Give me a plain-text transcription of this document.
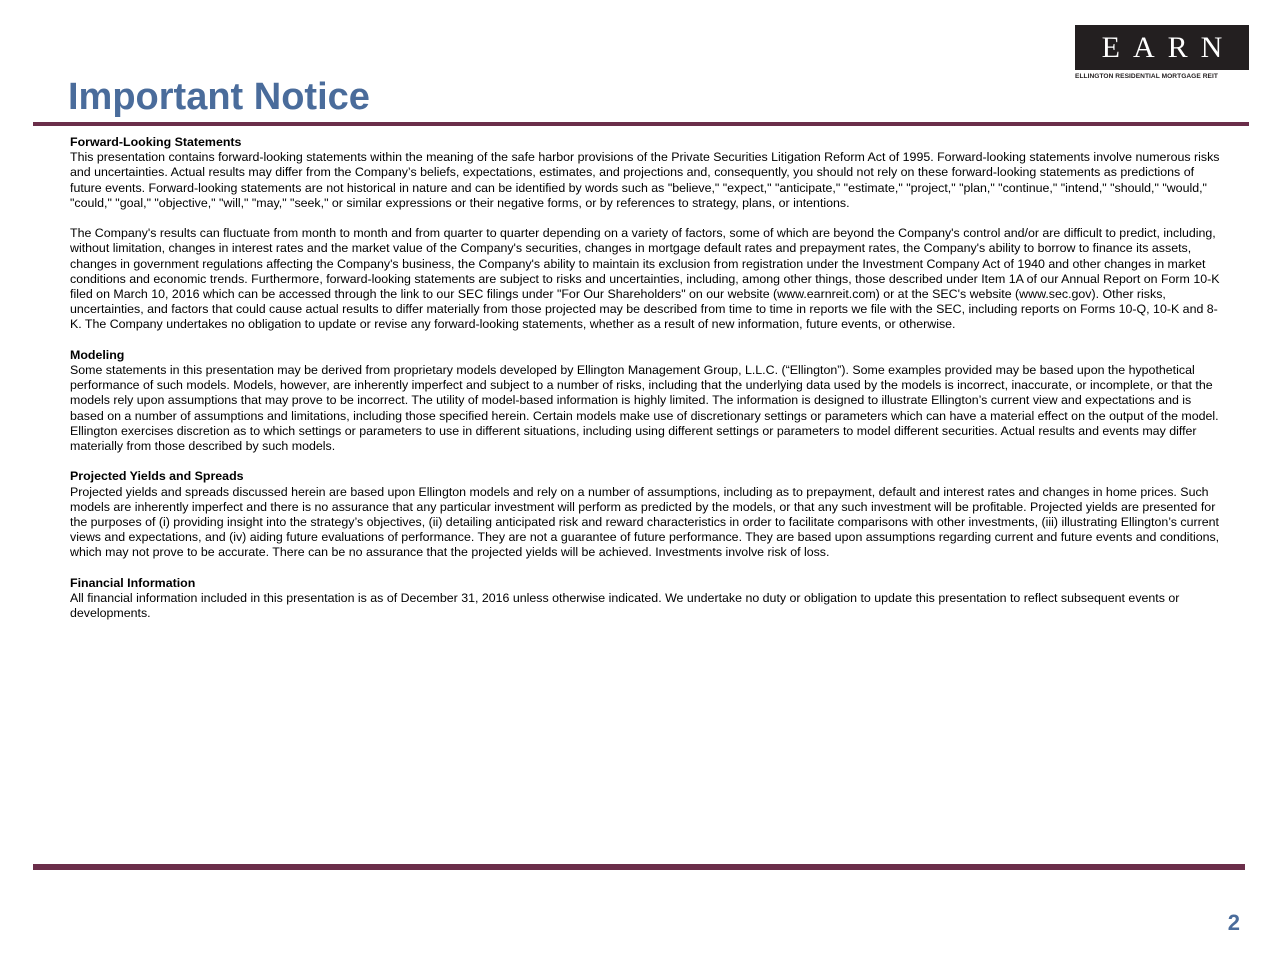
EARN
ELLINGTON RESIDENTIAL MORTGAGE REIT
Important Notice

Forward-Looking Statements

This presentation contains forward-looking statements within the meaning of the safe harbor provisions of the Private Securities Litigation Reform Act of 1995. Forward-looking statements involve numerous risks and uncertainties. Actual results may differ from the Company’s beliefs, expectations, estimates, and projections and, consequently, you should not rely on these forward-looking statements as predictions of future events. Forward-looking statements are not historical in nature and can be identified by words such as "believe," "expect," "anticipate," "estimate," "project," "plan," "continue," "intend," "should," "would," "could," "goal," "objective," "will," "may," "seek," or similar expressions or their negative forms, or by references to strategy, plans, or intentions.

The Company's results can fluctuate from month to month and from quarter to quarter depending on a variety of factors, some of which are beyond the Company's control and/or are difficult to predict, including, without limitation, changes in interest rates and the market value of the Company's securities, changes in mortgage default rates and prepayment rates, the Company's ability to borrow to finance its assets, changes in government regulations affecting the Company's business, the Company's ability to maintain its exclusion from registration under the Investment Company Act of 1940 and other changes in market conditions and economic trends. Furthermore, forward-looking statements are subject to risks and uncertainties, including, among other things, those described under Item 1A of our Annual Report on Form 10-K filed on March 10, 2016 which can be accessed through the link to our SEC filings under "For Our Shareholders" on our website (www.earnreit.com) or at the SEC's website (www.sec.gov). Other risks, uncertainties, and factors that could cause actual results to differ materially from those projected may be described from time to time in reports we file with the SEC, including reports on Forms 10-Q, 10-K and 8-K. The Company undertakes no obligation to update or revise any forward-looking statements, whether as a result of new information, future events, or otherwise.

Modeling

Some statements in this presentation may be derived from proprietary models developed by Ellington Management Group, L.L.C. (“Ellington”). Some examples provided may be based upon the hypothetical performance of such models. Models, however, are inherently imperfect and subject to a number of risks, including that the underlying data used by the models is incorrect, inaccurate, or incomplete, or that the models rely upon assumptions that may prove to be incorrect. The utility of model-based information is highly limited. The information is designed to illustrate Ellington’s current view and expectations and is based on a number of assumptions and limitations, including those specified herein. Certain models make use of discretionary settings or parameters which can have a material effect on the output of the model. Ellington exercises discretion as to which settings or parameters to use in different situations, including using different settings or parameters to model different securities. Actual results and events may differ materially from those described by such models.

Projected Yields and Spreads

Projected yields and spreads discussed herein are based upon Ellington models and rely on a number of assumptions, including as to prepayment, default and interest rates and changes in home prices. Such models are inherently imperfect and there is no assurance that any particular investment will perform as predicted by the models, or that any such investment will be profitable. Projected yields are presented for the purposes of (i) providing insight into the strategy’s objectives, (ii) detailing anticipated risk and reward characteristics in order to facilitate comparisons with other investments, (iii) illustrating Ellington’s current views and expectations, and (iv) aiding future evaluations of performance. They are not a guarantee of future performance. They are based upon assumptions regarding current and future events and conditions, which may not prove to be accurate. There can be no assurance that the projected yields will be achieved. Investments involve risk of loss.

Financial Information

All financial information included in this presentation is as of December 31, 2016 unless otherwise indicated. We undertake no duty or obligation to update this presentation to reflect subsequent events or developments.

2
